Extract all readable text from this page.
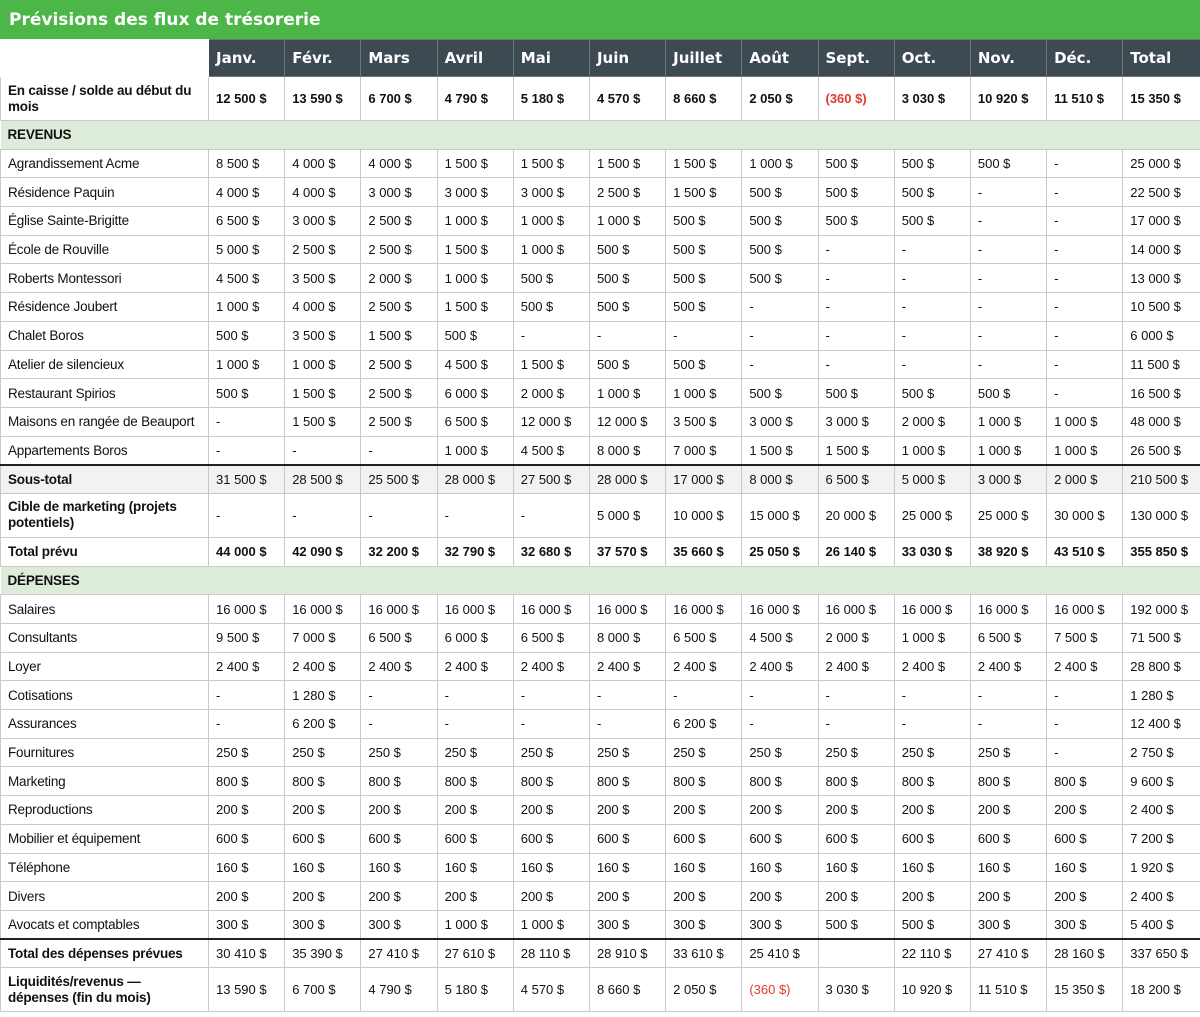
Prévisions des flux de trésorerie
	Janv.	Févr.	Mars	Avril	Mai	Juin	Juillet	Août	Sept.	Oct.	Nov.	Déc.	Total
En caisse / solde au début du mois	12 500 $	13 590 $	6 700 $	4 790 $	5 180 $	4 570 $	8 660 $	2 050 $	(360 $)	3 030 $	10 920 $	11 510 $	15 350 $
REVENUS													
Agrandissement Acme	8 500 $	4 000 $	4 000 $	1 500 $	1 500 $	1 500 $	1 500 $	1 000 $	500 $	500 $	500 $	-	25 000 $
Résidence Paquin	4 000 $	4 000 $	3 000 $	3 000 $	3 000 $	2 500 $	1 500 $	500 $	500 $	500 $	-	-	22 500 $
Église Sainte-Brigitte	6 500 $	3 000 $	2 500 $	1 000 $	1 000 $	1 000 $	500 $	500 $	500 $	500 $	-	-	17 000 $
École de Rouville	5 000 $	2 500 $	2 500 $	1 500 $	1 000 $	500 $	500 $	500 $	-	-	-	-	14 000 $
Roberts Montessori	4 500 $	3 500 $	2 000 $	1 000 $	500 $	500 $	500 $	500 $	-	-	-	-	13 000 $
Résidence Joubert	1 000 $	4 000 $	2 500 $	1 500 $	500 $	500 $	500 $	-	-	-	-	-	10 500 $
Chalet Boros	500 $	3 500 $	1 500 $	500 $	-	-	-	-	-	-	-	-	6 000 $
Atelier de silencieux	1 000 $	1 000 $	2 500 $	4 500 $	1 500 $	500 $	500 $	-	-	-	-	-	11 500 $
Restaurant Spirios	500 $	1 500 $	2 500 $	6 000 $	2 000 $	1 000 $	1 000 $	500 $	500 $	500 $	500 $	-	16 500 $
Maisons en rangée de Beauport	-	1 500 $	2 500 $	6 500 $	12 000 $	12 000 $	3 500 $	3 000 $	3 000 $	2 000 $	1 000 $	1 000 $	48 000 $
Appartements Boros	-	-	-	1 000 $	4 500 $	8 000 $	7 000 $	1 500 $	1 500 $	1 000 $	1 000 $	1 000 $	26 500 $
Sous-total	31 500 $	28 500 $	25 500 $	28 000 $	27 500 $	28 000 $	17 000 $	8 000 $	6 500 $	5 000 $	3 000 $	2 000 $	210 500 $
Cible de marketing (projets potentiels)	-	-	-	-	-	5 000 $	10 000 $	15 000 $	20 000 $	25 000 $	25 000 $	30 000 $	130 000 $
Total prévu	44 000 $	42 090 $	32 200 $	32 790 $	32 680 $	37 570 $	35 660 $	25 050 $	26 140 $	33 030 $	38 920 $	43 510 $	355 850 $
DÉPENSES													
Salaires	16 000 $	16 000 $	16 000 $	16 000 $	16 000 $	16 000 $	16 000 $	16 000 $	16 000 $	16 000 $	16 000 $	16 000 $	192 000 $
Consultants	9 500 $	7 000 $	6 500 $	6 000 $	6 500 $	8 000 $	6 500 $	4 500 $	2 000 $	1 000 $	6 500 $	7 500 $	71 500 $
Loyer	2 400 $	2 400 $	2 400 $	2 400 $	2 400 $	2 400 $	2 400 $	2 400 $	2 400 $	2 400 $	2 400 $	2 400 $	28 800 $
Cotisations	-	1 280 $	-	-	-	-	-	-	-	-	-	-	1 280 $
Assurances	-	6 200 $	-	-	-	-	6 200 $	-	-	-	-	-	12 400 $
Fournitures	250 $	250 $	250 $	250 $	250 $	250 $	250 $	250 $	250 $	250 $	250 $	-	2 750 $
Marketing	800 $	800 $	800 $	800 $	800 $	800 $	800 $	800 $	800 $	800 $	800 $	800 $	9 600 $
Reproductions	200 $	200 $	200 $	200 $	200 $	200 $	200 $	200 $	200 $	200 $	200 $	200 $	2 400 $
Mobilier et équipement	600 $	600 $	600 $	600 $	600 $	600 $	600 $	600 $	600 $	600 $	600 $	600 $	7 200 $
Téléphone	160 $	160 $	160 $	160 $	160 $	160 $	160 $	160 $	160 $	160 $	160 $	160 $	1 920 $
Divers	200 $	200 $	200 $	200 $	200 $	200 $	200 $	200 $	200 $	200 $	200 $	200 $	2 400 $
Avocats et comptables	300 $	300 $	300 $	1 000 $	1 000 $	300 $	300 $	300 $	500 $	500 $	300 $	300 $	5 400 $
Total des dépenses prévues	30 410 $	35 390 $	27 410 $	27 610 $	28 110 $	28 910 $	33 610 $	25 410 $		22 110 $	27 410 $	28 160 $	337 650 $
Liquidités/revenus — dépenses (fin du mois)	13 590 $	6 700 $	4 790 $	5 180 $	4 570 $	8 660 $	2 050 $	(360 $)	3 030 $	10 920 $	11 510 $	15 350 $	18 200 $
